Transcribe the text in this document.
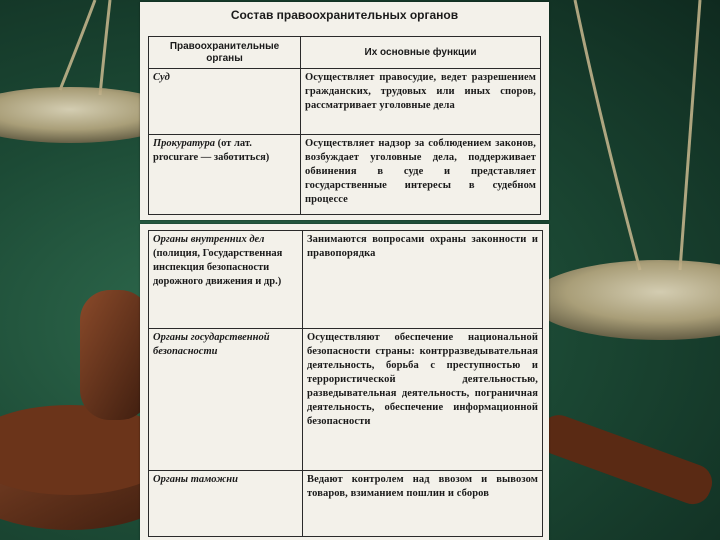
Состав правоохранительных органов
Правоохранительные органы	Их основные функции
Суд	Осуществляет правосудие, ведет разрешением гражданских, трудовых или иных споров, рассматривает уголовные дела
Прокуратура (от лат. procurare — заботиться)	Осуществляет надзор за соблюдением законов, возбуждает уголовные дела, поддерживает обвинения в суде и представляет государственные интересы в судебном процессе
Органы внутренних дел (полиция, Государственная инспекция безопасности дорожного движения и др.)	Занимаются вопросами охраны законности и правопорядка
Органы государственной безопасности	Осуществляют обеспечение национальной безопасности страны: контрразведывательная деятельность, борьба с преступностью и террористической деятельностью, разведывательная деятельность, пограничная деятельность, обеспечение информационной безопасности
Органы таможни	Ведают контролем над ввозом и вывозом товаров, взиманием пошлин и сборов
